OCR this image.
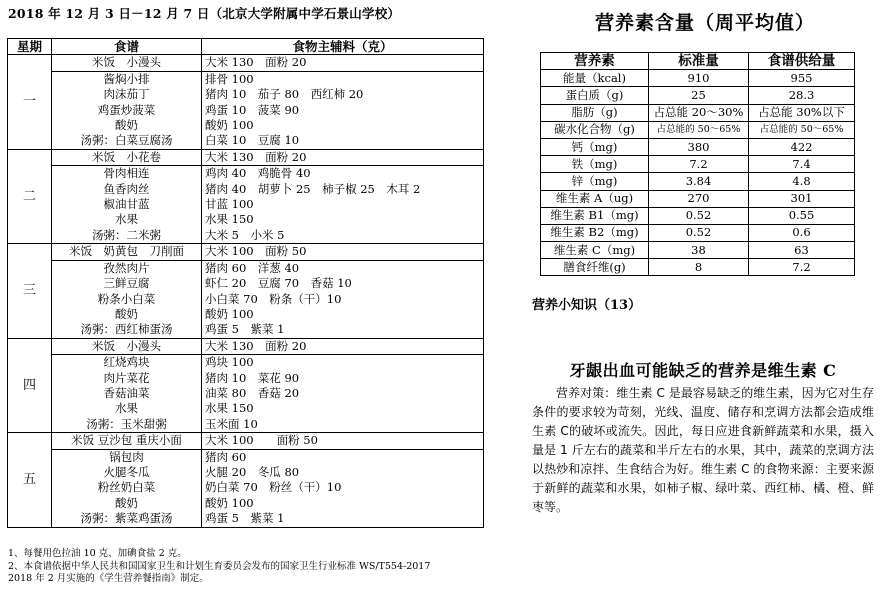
2018 年 12 月 3 日－12 月 7 日（北京大学附属中学石景山学校）
星期	食谱	食物主辅料（克）
一	米饭　小漫头	大米 130　面粉 20
	酱焖小排	排骨 100
	肉沫茄丁	猪肉 10　茄子 80　西红柿 20
	鸡蛋炒菠菜	鸡蛋 10　菠菜 90
	酸奶	酸奶 100
	汤粥：白菜豆腐汤	白菜 10　豆腐 10
二	米饭　小花卷	大米 130　面粉 20
	骨肉相连	鸡肉 40　鸡脆骨 40
	鱼香肉丝	猪肉 40　胡萝卜 25　柿子椒 25　木耳 2
	椒油甘蓝	甘蓝 100
	水果	水果 150
	汤粥：二米粥	大米 5　小米 5
三	米饭　奶黄包　刀削面	大米 100　面粉 50
	孜然肉片	猪肉 60　洋葱 40
	三鲜豆腐	虾仁 20　豆腐 70　香菇 10
	粉条小白菜	小白菜 70　粉条（干）10
	酸奶	酸奶 100
	汤粥：西红柿蛋汤	鸡蛋 5　紫菜 1
四	米饭　小漫头	大米 130　面粉 20
	红烧鸡块	鸡块 100
	肉片菜花	猪肉 10　菜花 90
	香菇油菜	油菜 80　香菇 20
	水果	水果 150
	汤粥：玉米甜粥	玉米面 10
五	米饭 豆沙包 重庆小面	大米 100　　面粉 50
	锅包肉	猪肉 60
	火腿冬瓜	火腿 20　冬瓜 80
	粉丝奶白菜	奶白菜 70　粉丝（干）10
	酸奶	酸奶 100
	汤粥：紫菜鸡蛋汤	鸡蛋 5　紫菜 1
1、每餐用色拉油 10 克、加碘食盐 2 克。
2、本食谱依据中华人民共和国国家卫生和计划生育委员会发布的国家卫生行业标准 WS/T554-2017
2018 年 2 月实施的《学生营养餐指南》制定。
营养素含量（周平均值）
营养素	标准量	食谱供给量
能量（kcal)	910	955
蛋白质（g)	25	28.3
脂肪（g)	占总能 20～30%	占总能 30%以下
碳水化合物（g)	占总能的 50～65%	占总能的 50～65%
钙（mg)	380	422
铁（mg)	7.2	7.4
锌（mg)	3.84	4.8
维生素 A（ug)	270	301
维生素 B1（mg)	0.52	0.55
维生素 B2（mg)	0.52	0.6
维生素 C（mg)	38	63
膳食纤维(g)	8	7.2
营养小知识（13）
牙龈出血可能缺乏的营养是维生素 C
营养对策：维生素 C 是最容易缺乏的维生素，因为它对生存条件的要求较为苛刻，光线、温度、储存和烹调方法都会造成维生素 C的破坏或流失。因此，每日应进食新鲜蔬菜和水果，摄入量是 1 斤左右的蔬菜和半斤左右的水果，其中，蔬菜的烹调方法以热炒和凉拌、生食结合为好。维生素 C 的食物来源：主要来源于新鲜的蔬菜和水果，如柿子椒、绿叶菜、西红柿、橘、橙、鲜枣等。
